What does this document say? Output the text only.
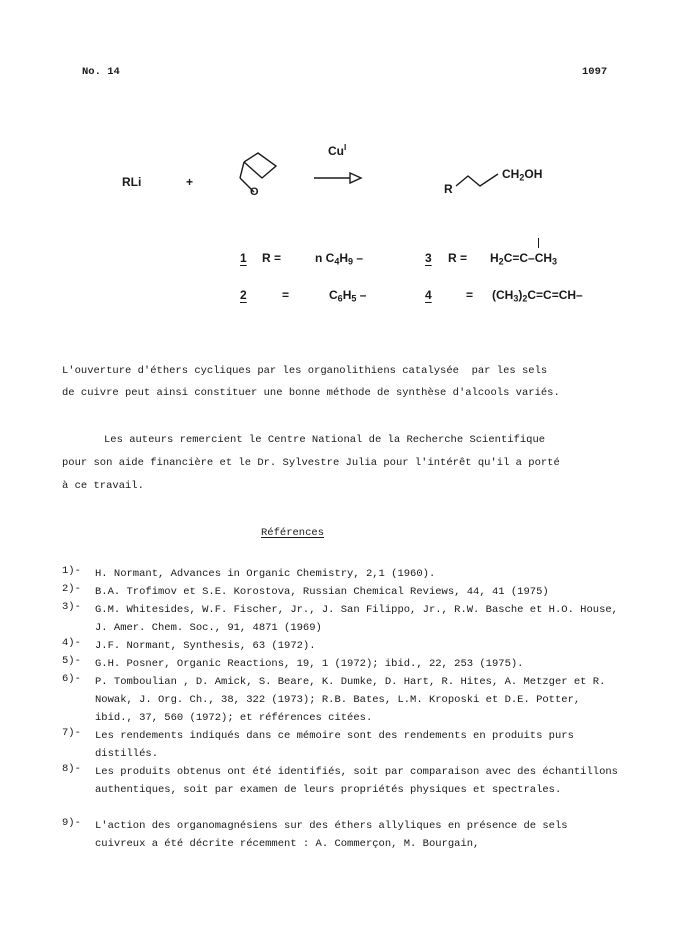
No. 14	1097
RLi	+
O
$Cu^I$
R
$CH_2OH$
1 R =	n $C_4H_9$ –	3 $R = H_2C=C-CH_3$
2	=	$C_6H_5$ –	4	= $(CH_3)_2C=C=CH-$
L'ouverture d'éthers cycliques par les organolithiens catalysée  par les sels
de cuivre peut ainsi constituer une bonne méthode de synthèse d'alcools variés.
Les auteurs remercient le Centre National de la Recherche Scientifique
pour son aide financière et le Dr. Sylvestre Julia pour l'intérêt qu'il a porté
à ce travail.
Références
1)- H. Normant, Advances in Organic Chemistry, 2,1 (1960).
2)- B.A. Trofimov et S.E. Korostova, Russian Chemical Reviews, 44, 41 (1975)
3)- G.M. Whitesides, W.F. Fischer, Jr., J. San Filippo, Jr., R.W. Basche et H.O. House, J. Amer. Chem. Soc., 91, 4871 (1969)
4)- J.F. Normant, Synthesis, 63 (1972).
5)- G.H. Posner, Organic Reactions, 19, 1 (1972); ibid., 22, 253 (1975).
6)- P. Tomboulian , D. Amick, S. Beare, K. Dumke, D. Hart, R. Hites, A. Metzger et R. Nowak, J. Org. Ch., 38, 322 (1973); R.B. Bates, L.M. Kroposki et D.E. Potter, ibid., 37, 560 (1972); et références citées.
7)- Les rendements indiqués dans ce mémoire sont des rendements en produits purs distillés.
8)- Les produits obtenus ont été identifiés, soit par comparaison avec des échantillons authentiques, soit par examen de leurs propriétés physiques et spectrales.
9)- L'action des organomagnésiens sur des éthers allyliques en présence de sels cuivreux a été décrite récemment : A. Commerçon, M. Bourgain,
